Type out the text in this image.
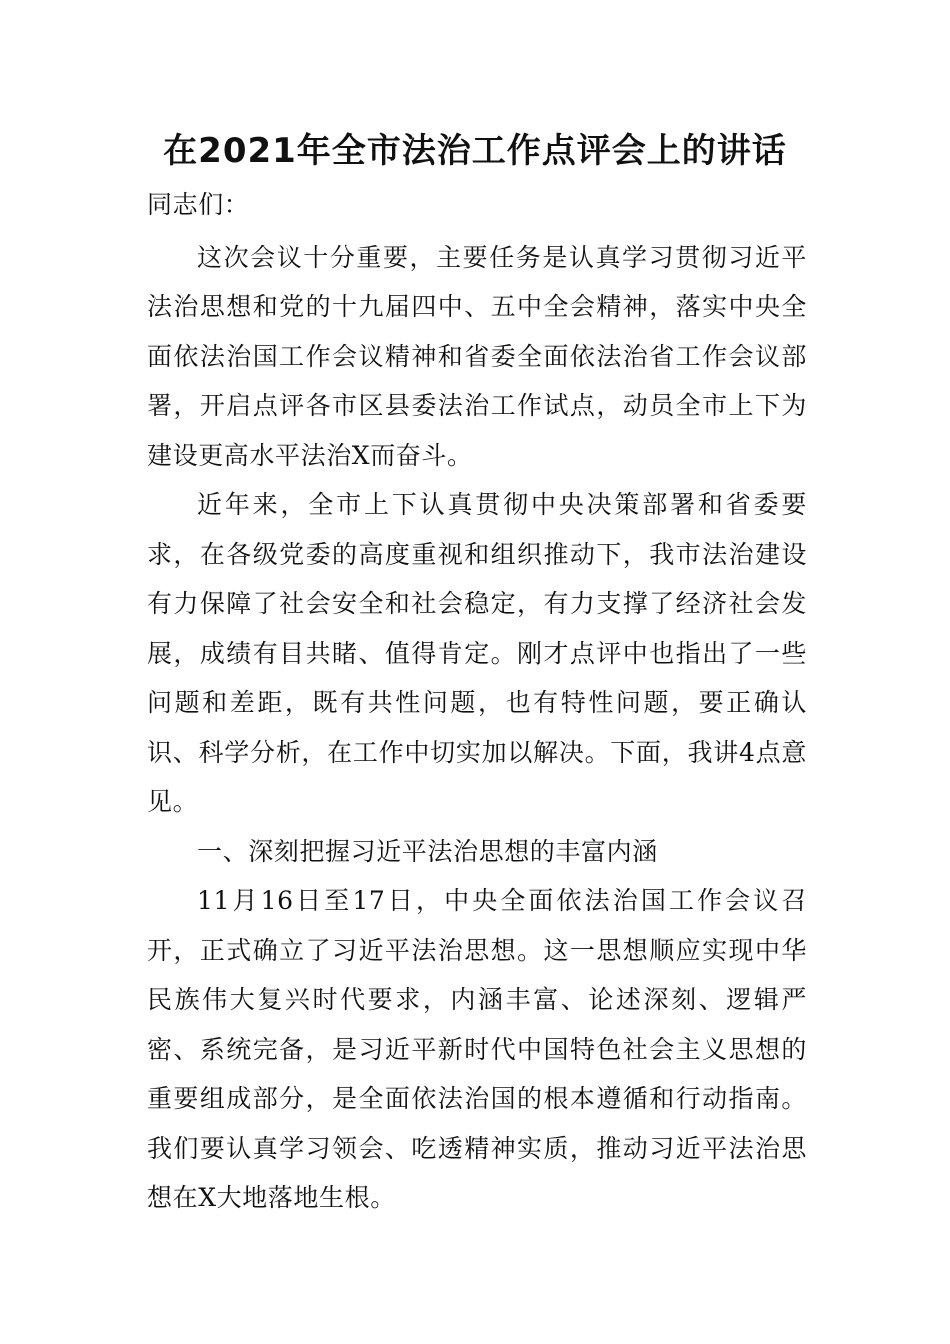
在2021年全市法治工作点评会上的讲话

同志们：

这次会议十分重要，主要任务是认真学习贯彻习近平法治思想和党的十九届四中、五中全会精神，落实中央全面依法治国工作会议精神和省委全面依法治省工作会议部署，开启点评各市区县委法治工作试点，动员全市上下为建设更高水平法治X而奋斗。

近年来，全市上下认真贯彻中央决策部署和省委要求，在各级党委的高度重视和组织推动下，我市法治建设有力保障了社会安全和社会稳定，有力支撑了经济社会发展，成绩有目共睹、值得肯定。刚才点评中也指出了一些问题和差距，既有共性问题，也有特性问题，要正确认识、科学分析，在工作中切实加以解决。下面，我讲4点意见。

一、深刻把握习近平法治思想的丰富内涵

11月16日至17日，中央全面依法治国工作会议召开，正式确立了习近平法治思想。这一思想顺应实现中华民族伟大复兴时代要求，内涵丰富、论述深刻、逻辑严密、系统完备，是习近平新时代中国特色社会主义思想的重要组成部分，是全面依法治国的根本遵循和行动指南。我们要认真学习领会、吃透精神实质，推动习近平法治思想在X大地落地生根。
